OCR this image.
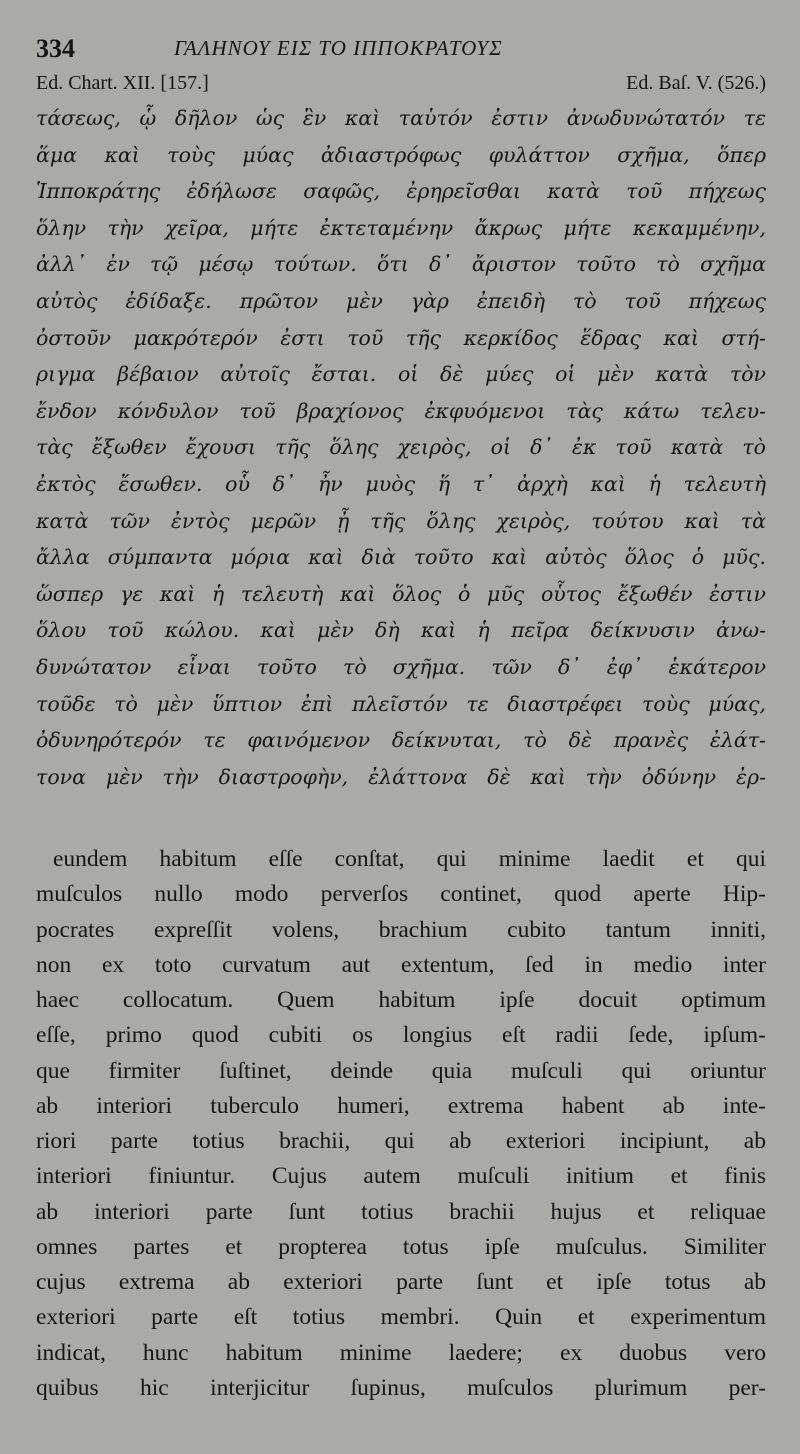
334	ΓΑΛΗΝΟΥ ΕΙΣ ΤΟ ΙΠΠΟΚΡΑΤΟΥΣ
Ed. Chart. XII. [157.]	Ed. Baſ. V. (526.)
τάσεως, ᾧ δῆλον ὡς ἓν καὶ ταὐτόν ἐστιν ἀνωδυνώτατόν τε
ἅμα καὶ τοὺς μύας ἀδιαστρόφως φυλάττον σχῆμα, ὅπερ
Ἱπποκράτης ἐδήλωσε σαφῶς, ἐρηρεῖσθαι κατὰ τοῦ πήχεως
ὅλην τὴν χεῖρα, μήτε ἐκτεταμένην ἄκρως μήτε κεκαμμένην,
ἀλλ᾽ ἐν τῷ μέσῳ τούτων. ὅτι δ᾽ ἄριστον τοῦτο τὸ σχῆμα
αὐτὸς ἐδίδαξε. πρῶτον μὲν γὰρ ἐπειδὴ τὸ τοῦ πήχεως
ὀστοῦν μακρότερόν ἐστι τοῦ τῆς κερκίδος ἕδρας καὶ στή-
ριγμα βέβαιον αὐτοῖς ἔσται. οἱ δὲ μύες οἱ μὲν κατὰ τὸν
ἔνδον κόνδυλον τοῦ βραχίονος ἐκφυόμενοι τὰς κάτω τελευ-
τὰς ἔξωθεν ἔχουσι τῆς ὅλης χειρὸς, οἱ δ᾽ ἐκ τοῦ κατὰ τὸ
ἐκτὸς ἔσωθεν. οὗ δ᾽ ἦν μυὸς ἥ τ᾽ ἀρχὴ καὶ ἡ τελευτὴ
κατὰ τῶν ἐντὸς μερῶν ᾖ τῆς ὅλης χειρὸς, τούτου καὶ τὰ
ἄλλα σύμπαντα μόρια καὶ διὰ τοῦτο καὶ αὐτὸς ὅλος ὁ μῦς.
ὥσπερ γε καὶ ἡ τελευτὴ καὶ ὅλος ὁ μῦς οὗτος ἔξωθέν ἐστιν
ὅλου τοῦ κώλου. καὶ μὲν δὴ καὶ ἡ πεῖρα δείκνυσιν ἀνω-
δυνώτατον εἶναι τοῦτο τὸ σχῆμα. τῶν δ᾽ ἐφ᾽ ἑκάτερον
τοῦδε τὸ μὲν ὕπτιον ἐπὶ πλεῖστόν τε διαστρέφει τοὺς μύας,
ὀδυνηρότερόν τε φαινόμενον δείκνυται, τὸ δὲ πρανὲς ἐλάτ-
τονα μὲν τὴν διαστροφὴν, ἐλάττονα δὲ καὶ τὴν ὀδύνην ἐρ-
eundem habitum eſſe conſtat, qui minime laedit et qui
muſculos nullo modo perverſos continet, quod aperte Hip-
pocrates expreſſit volens, brachium cubito tantum inniti,
non ex toto curvatum aut extentum, ſed in medio inter
haec collocatum. Quem habitum ipſe docuit optimum
eſſe, primo quod cubiti os longius eſt radii ſede, ipſum-
que firmiter ſuſtinet, deinde quia muſculi qui oriuntur
ab interiori tuberculo humeri, extrema habent ab inte-
riori parte totius brachii, qui ab exteriori incipiunt, ab
interiori finiuntur. Cujus autem muſculi initium et finis
ab interiori parte ſunt totius brachii hujus et reliquae
omnes partes et propterea totus ipſe muſculus. Similiter
cujus extrema ab exteriori parte ſunt et ipſe totus ab
exteriori parte eſt totius membri. Quin et experimentum
indicat, hunc habitum minime laedere; ex duobus vero
quibus hic interjicitur ſupinus, muſculos plurimum per-
